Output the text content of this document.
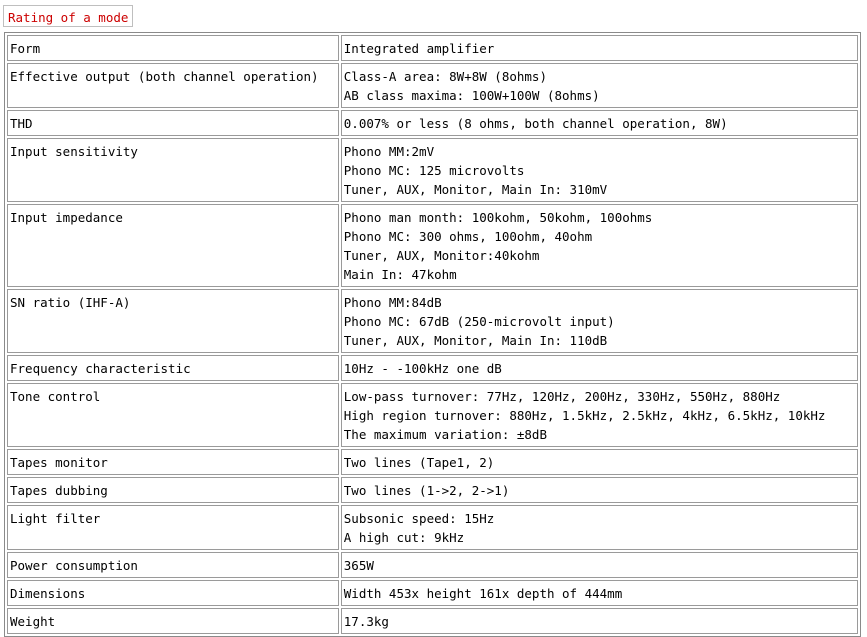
Rating of a mode
Form	Integrated amplifier

Effective output (both channel operation)	Class-A area: 8W+8W (8ohms)
AB class maxima: 100W+100W (8ohms)

THD	0.007% or less (8 ohms, both channel operation, 8W)

Input sensitivity	Phono MM:2mV
Phono MC: 125 microvolts
Tuner, AUX, Monitor, Main In: 310mV

Input impedance	Phono man month: 100kohm, 50kohm, 100ohms
Phono MC: 300 ohms, 100ohm, 40ohm
Tuner, AUX, Monitor:40kohm
Main In: 47kohm

SN ratio (IHF-A)	Phono MM:84dB
Phono MC: 67dB (250-microvolt input)
Tuner, AUX, Monitor, Main In: 110dB

Frequency characteristic	10Hz - -100kHz one dB

Tone control	Low-pass turnover: 77Hz, 120Hz, 200Hz, 330Hz, 550Hz, 880Hz
High region turnover: 880Hz, 1.5kHz, 2.5kHz, 4kHz, 6.5kHz, 10kHz
The maximum variation: ±8dB

Tapes monitor	Two lines (Tape1, 2)

Tapes dubbing	Two lines (1->2, 2->1)

Light filter	Subsonic speed: 15Hz
A high cut: 9kHz

Power consumption	365W

Dimensions	Width 453x height 161x depth of 444mm

Weight	17.3kg
